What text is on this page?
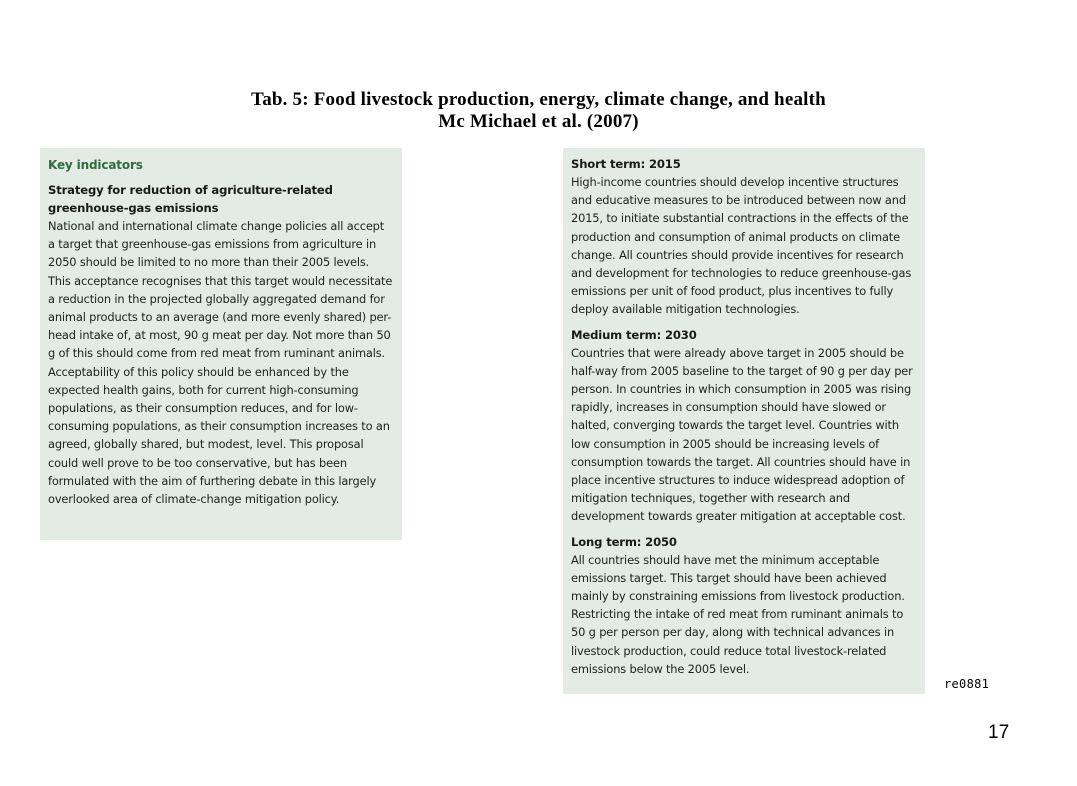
Tab. 5: Food livestock production, energy, climate change, and health
Mc Michael et al. (2007)

Key indicators

Strategy for reduction of agriculture-related greenhouse-gas emissions

National and international climate change policies all accept a target that greenhouse-gas emissions from agriculture in 2050 should be limited to no more than their 2005 levels. This acceptance recognises that this target would necessitate a reduction in the projected globally aggregated demand for animal products to an average (and more evenly shared) per-head intake of, at most, 90 g meat per day. Not more than 50 g of this should come from red meat from ruminant animals. Acceptability of this policy should be enhanced by the expected health gains, both for current high-consuming populations, as their consumption reduces, and for low-consuming populations, as their consumption increases to an agreed, globally shared, but modest, level. This proposal could well prove to be too conservative, but has been formulated with the aim of furthering debate in this largely overlooked area of climate-change mitigation policy.

Short term: 2015

High-income countries should develop incentive structures and educative measures to be introduced between now and 2015, to initiate substantial contractions in the effects of the production and consumption of animal products on climate change. All countries should provide incentives for research and development for technologies to reduce greenhouse-gas emissions per unit of food product, plus incentives to fully deploy available mitigation technologies.

Medium term: 2030

Countries that were already above target in 2005 should be half-way from 2005 baseline to the target of 90 g per day per person. In countries in which consumption in 2005 was rising rapidly, increases in consumption should have slowed or halted, converging towards the target level. Countries with low consumption in 2005 should be increasing levels of consumption towards the target. All countries should have in place incentive structures to induce widespread adoption of mitigation techniques, together with research and development towards greater mitigation at acceptable cost.

Long term: 2050

All countries should have met the minimum acceptable emissions target. This target should have been achieved mainly by constraining emissions from livestock production. Restricting the intake of red meat from ruminant animals to 50 g per person per day, along with technical advances in livestock production, could reduce total livestock-related emissions below the 2005 level.

re0881
17
